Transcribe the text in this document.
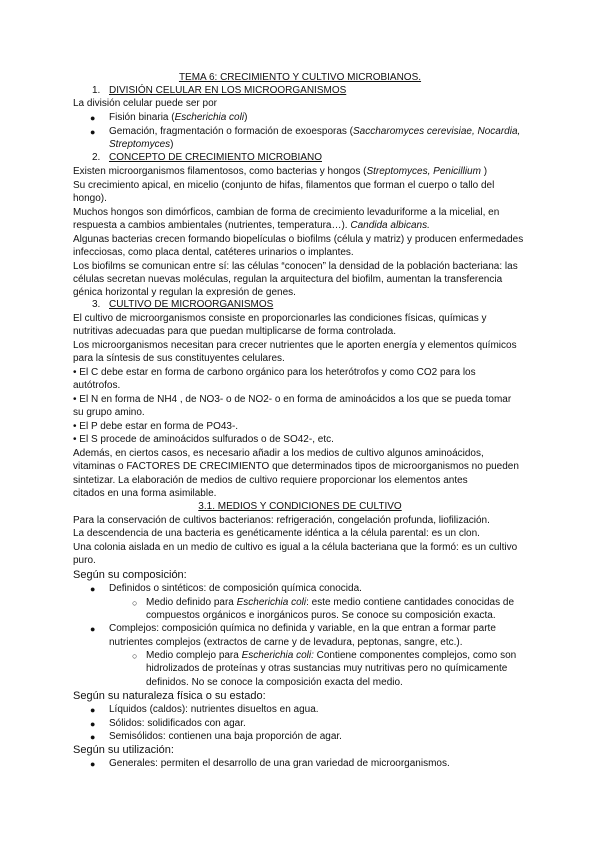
TEMA 6: CRECIMIENTO Y CULTIVO MICROBIANOS.
1. DIVISIÓN CELULAR EN LOS MICROORGANISMOS
La división celular puede ser por
● Fisión binaria (Escherichia coli)
● Gemación, fragmentación o formación de exoesporas (Saccharomyces cerevisiae, Nocardia,
Streptomyces)
2. CONCEPTO DE CRECIMIENTO MICROBIANO
Existen microorganismos filamentosos, como bacterias y hongos (Streptomyces, Penicillium )
Su crecimiento apical, en micelio (conjunto de hifas, filamentos que forman el cuerpo o tallo del
hongo).
Muchos hongos son dimórficos, cambian de forma de crecimiento levaduriforme a la micelial, en
respuesta a cambios ambientales (nutrientes, temperatura…). Candida albicans.
Algunas bacterias crecen formando biopelículas o biofilms (célula y matriz) y producen enfermedades
infecciosas, como placa dental, catéteres urinarios o implantes.
Los biofilms se comunican entre sí: las células “conocen” la densidad de la población bacteriana: las
células secretan nuevas moléculas, regulan la arquitectura del biofilm, aumentan la transferencia
génica horizontal y regulan la expresión de genes.
3. CULTIVO DE MICROORGANISMOS
El cultivo de microorganismos consiste en proporcionarles las condiciones físicas, químicas y
nutritivas adecuadas para que puedan multiplicarse de forma controlada.
Los microorganismos necesitan para crecer nutrientes que le aporten energía y elementos químicos
para la síntesis de sus constituyentes celulares.
• El C debe estar en forma de carbono orgánico para los heterótrofos y como CO2 para los
autótrofos.
• El N en forma de NH4 , de NO3- o de NO2- o en forma de aminoácidos a los que se pueda tomar
su grupo amino.
• El P debe estar en forma de PO43-.
• El S procede de aminoácidos sulfurados o de SO42-, etc.
Además, en ciertos casos, es necesario añadir a los medios de cultivo algunos aminoácidos,
vitaminas o FACTORES DE CRECIMIENTO que determinados tipos de microorganismos no pueden
sintetizar. La elaboración de medios de cultivo requiere proporcionar los elementos antes
citados en una forma asimilable.
3.1. MEDIOS Y CONDICIONES DE CULTIVO
Para la conservación de cultivos bacterianos: refrigeración, congelación profunda, liofilización.
La descendencia de una bacteria es genéticamente idéntica a la célula parental: es un clon.
Una colonia aislada en un medio de cultivo es igual a la célula bacteriana que la formó: es un cultivo
puro.
Según su composición:
● Definidos o sintéticos: de composición química conocida.
○ Medio definido para Escherichia coli: este medio contiene cantidades conocidas de
compuestos orgánicos e inorgánicos puros. Se conoce su composición exacta.
● Complejos: composición química no definida y variable, en la que entran a formar parte
nutrientes complejos (extractos de carne y de levadura, peptonas, sangre, etc.).
○ Medio complejo para Escherichia coli: Contiene componentes complejos, como son
hidrolizados de proteínas y otras sustancias muy nutritivas pero no químicamente
definidos. No se conoce la composición exacta del medio.
Según su naturaleza física o su estado:
● Líquidos (caldos): nutrientes disueltos en agua.
● Sólidos: solidificados con agar.
● Semisólidos: contienen una baja proporción de agar.
Según su utilización:
● Generales: permiten el desarrollo de una gran variedad de microorganismos.
